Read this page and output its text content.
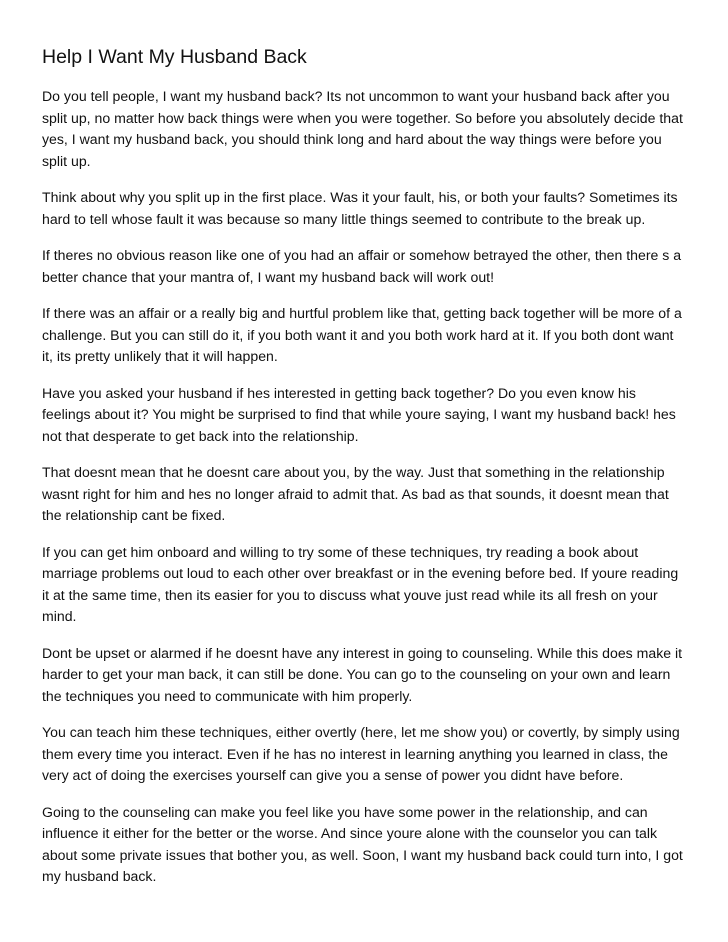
Help I Want My Husband Back

Do you tell people, I want my husband back? Its not uncommon to want your husband back after you split up, no matter how back things were when you were together. So before you absolutely decide that yes, I want my husband back, you should think long and hard about the way things were before you split up.

Think about why you split up in the first place. Was it your fault, his, or both your faults? Sometimes its hard to tell whose fault it was because so many little things seemed to contribute to the break up.

If theres no obvious reason like one of you had an affair or somehow betrayed the other, then there s a better chance that your mantra of, I want my husband back will work out!

If there was an affair or a really big and hurtful problem like that, getting back together will be more of a challenge. But you can still do it, if you both want it and you both work hard at it. If you both dont want it, its pretty unlikely that it will happen.

Have you asked your husband if hes interested in getting back together? Do you even know his feelings about it? You might be surprised to find that while youre saying, I want my husband back! hes not that desperate to get back into the relationship.

That doesnt mean that he doesnt care about you, by the way. Just that something in the relationship wasnt right for him and hes no longer afraid to admit that. As bad as that sounds, it doesnt mean that the relationship cant be fixed.

If you can get him onboard and willing to try some of these techniques, try reading a book about marriage problems out loud to each other over breakfast or in the evening before bed. If youre reading it at the same time, then its easier for you to discuss what youve just read while its all fresh on your mind.

Dont be upset or alarmed if he doesnt have any interest in going to counseling. While this does make it harder to get your man back, it can still be done. You can go to the counseling on your own and learn the techniques you need to communicate with him properly.

You can teach him these techniques, either overtly (here, let me show you) or covertly, by simply using them every time you interact. Even if he has no interest in learning anything you learned in class, the very act of doing the exercises yourself can give you a sense of power you didnt have before.

Going to the counseling can make you feel like you have some power in the relationship, and can influence it either for the better or the worse. And since youre alone with the counselor you can talk about some private issues that bother you, as well. Soon, I want my husband back could turn into, I got my husband back.
